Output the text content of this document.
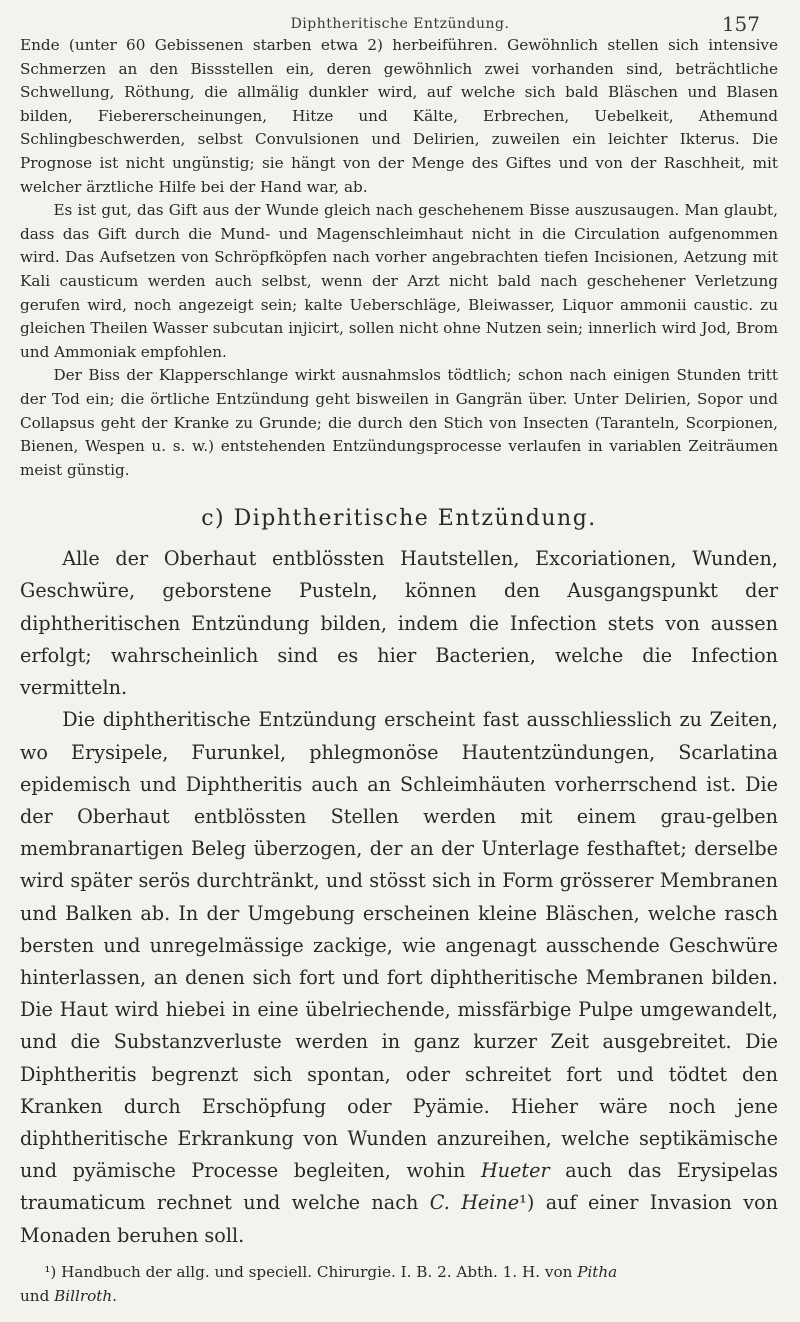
Diphtheritische Entzündung.	157

Ende (unter 60 Gebissenen starben etwa 2) herbeiführen. Gewöhnlich stellen sich intensive Schmerzen an den Bissstellen ein, deren gewöhnlich zwei vorhanden sind, beträchtliche Schwellung, Röthung, die allmälig dunkler wird, auf welche sich bald Bläschen und Blasen bilden, Fiebererscheinungen, Hitze und Kälte, Erbrechen, Uebelkeit, Athemund Schlingbeschwerden, selbst Convulsionen und Delirien, zuweilen ein leichter Ikterus. Die Prognose ist nicht ungünstig; sie hängt von der Menge des Giftes und von der Raschheit, mit welcher ärztliche Hilfe bei der Hand war, ab.

Es ist gut, das Gift aus der Wunde gleich nach geschehenem Bisse auszusaugen. Man glaubt, dass das Gift durch die Mund- und Magenschleimhaut nicht in die Circulation aufgenommen wird. Das Aufsetzen von Schröpfköpfen nach vorher angebrachten tiefen Incisionen, Aetzung mit Kali causticum werden auch selbst, wenn der Arzt nicht bald nach geschehener Verletzung gerufen wird, noch angezeigt sein; kalte Ueberschläge, Bleiwasser, Liquor ammonii caustic. zu gleichen Theilen Wasser subcutan injicirt, sollen nicht ohne Nutzen sein; innerlich wird Jod, Brom und Ammoniak empfohlen.

Der Biss der Klapperschlange wirkt ausnahmslos tödtlich; schon nach einigen Stunden tritt der Tod ein; die örtliche Entzündung geht bisweilen in Gangrän über. Unter Delirien, Sopor und Collapsus geht der Kranke zu Grunde; die durch den Stich von Insecten (Taranteln, Scorpionen, Bienen, Wespen u. s. w.) entstehenden Entzündungsprocesse verlaufen in variablen Zeiträumen meist günstig.

c) Diphtheritische Entzündung.

Alle der Oberhaut entblössten Hautstellen, Excoriationen, Wunden, Geschwüre, geborstene Pusteln, können den Ausgangspunkt der diphtheritischen Entzündung bilden, indem die Infection stets von aussen erfolgt; wahrscheinlich sind es hier Bacterien, welche die Infection vermitteln.

Die diphtheritische Entzündung erscheint fast ausschliesslich zu Zeiten, wo Erysipele, Furunkel, phlegmonöse Hautentzündungen, Scarlatina epidemisch und Diphtheritis auch an Schleimhäuten vorherrschend ist. Die der Oberhaut entblössten Stellen werden mit einem grau-gelben membranartigen Beleg überzogen, der an der Unterlage festhaftet; derselbe wird später serös durchtränkt, und stösst sich in Form grösserer Membranen und Balken ab. In der Umgebung erscheinen kleine Bläschen, welche rasch bersten und unregelmässige zackige, wie angenagt ausschende Geschwüre hinterlassen, an denen sich fort und fort diphtheritische Membranen bilden. Die Haut wird hiebei in eine übelriechende, missfärbige Pulpe umgewandelt, und die Substanzverluste werden in ganz kurzer Zeit ausgebreitet. Die Diphtheritis begrenzt sich spontan, oder schreitet fort und tödtet den Kranken durch Erschöpfung oder Pyämie. Hieher wäre noch jene diphtheritische Erkrankung von Wunden anzureihen, welche septikämische und pyämische Processe begleiten, wohin Hueter auch das Erysipelas traumaticum rechnet und welche nach C. Heine¹) auf einer Invasion von Monaden beruhen soll.

¹) Handbuch der allg. und speciell. Chirurgie. I. B. 2. Abth. 1. H. von Pitha
und Billroth.
